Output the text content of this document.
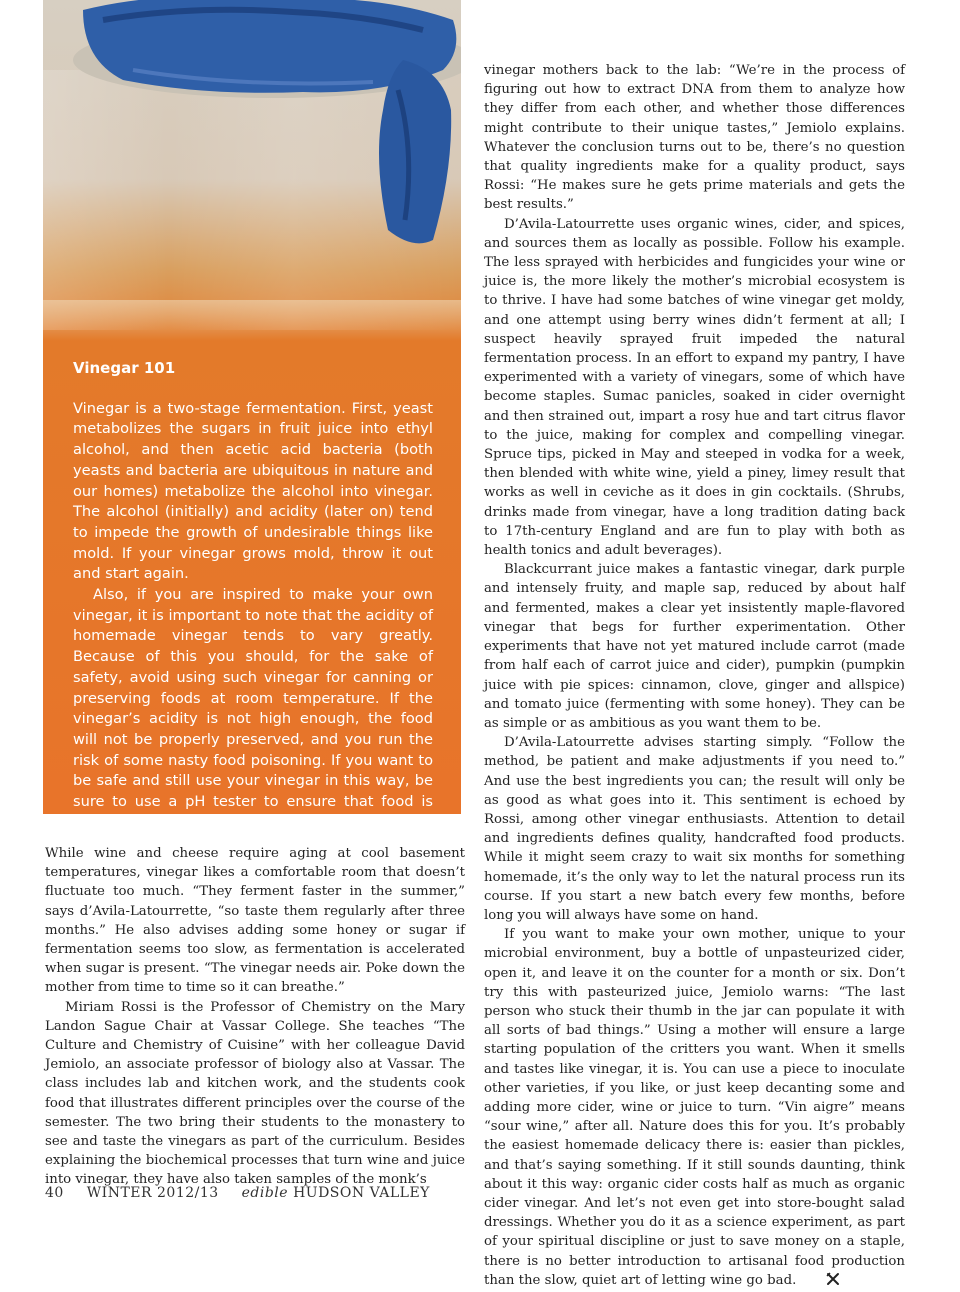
Vinegar 101

Vinegar is a two-stage fermentation. First, yeast metabolizes the sugars in fruit juice into ethyl alcohol, and then acetic acid bacteria (both yeasts and bacteria are ubiquitous in nature and our homes) metabolize the alcohol into vinegar. The alcohol (initially) and acidity (later on) tend to impede the growth of undesirable things like mold. If your vinegar grows mold, throw it out and start again.

Also, if you are inspired to make your own vinegar, it is important to note that the acidity of homemade vinegar tends to vary greatly. Because of this you should, for the sake of safety, avoid using such vinegar for canning or preserving foods at room temperature. If the vinegar’s acidity is not high enough, the food will not be properly preserved, and you run the risk of some nasty food poisoning. If you want to be safe and still use your vinegar in this way, be sure to use a pH tester to ensure that food is sufficiently acidic before canning it.

While wine and cheese require aging at cool basement temperatures, vinegar likes a comfortable room that doesn’t fluctuate too much. “They ferment faster in the summer,” says d’Avila-Latourrette, “so taste them regularly after three months.” He also advises adding some honey or sugar if fermentation seems too slow, as fermentation is accelerated when sugar is present. “The vinegar needs air. Poke down the mother from time to time so it can breathe.”

Miriam Rossi is the Professor of Chemistry on the Mary Landon Sague Chair at Vassar College. She teaches “The Culture and Chemistry of Cuisine” with her colleague David Jemiolo, an associate professor of biology also at Vassar. The class includes lab and kitchen work, and the students cook food that illustrates different principles over the course of the semester. The two bring their students to the monastery to see and taste the vinegars as part of the curriculum. Besides explaining the biochemical processes that turn wine and juice into vinegar, they have also taken samples of the monk’s

vinegar mothers back to the lab: “We’re in the process of figuring out how to extract DNA from them to analyze how they differ from each other, and whether those differences might contribute to their unique tastes,” Jemiolo explains. Whatever the conclusion turns out to be, there’s no question that quality ingredients make for a quality product, says Rossi: “He makes sure he gets prime materials and gets the best results.”

D’Avila-Latourrette uses organic wines, cider, and spices, and sources them as locally as possible. Follow his example. The less sprayed with herbicides and fungicides your wine or juice is, the more likely the mother’s microbial ecosystem is to thrive. I have had some batches of wine vinegar get moldy, and one attempt using berry wines didn’t ferment at all; I suspect heavily sprayed fruit impeded the natural fermentation process. In an effort to expand my pantry, I have experimented with a variety of vinegars, some of which have become staples. Sumac panicles, soaked in cider overnight and then strained out, impart a rosy hue and tart citrus flavor to the juice, making for complex and compelling vinegar. Spruce tips, picked in May and steeped in vodka for a week, then blended with white wine, yield a piney, limey result that works as well in ceviche as it does in gin cocktails. (Shrubs, drinks made from vinegar, have a long tradition dating back to 17th-century England and are fun to play with both as health tonics and adult beverages).

Blackcurrant juice makes a fantastic vinegar, dark purple and intensely fruity, and maple sap, reduced by about half and fermented, makes a clear yet insistently maple-flavored vinegar that begs for further experimentation. Other experiments that have not yet matured include carrot (made from half each of carrot juice and cider), pumpkin (pumpkin juice with pie spices: cinnamon, clove, ginger and allspice) and tomato juice (fermenting with some honey). They can be as simple or as ambitious as you want them to be.

D’Avila-Latourrette advises starting simply. “Follow the method, be patient and make adjustments if you need to.” And use the best ingredients you can; the result will only be as good as what goes into it. This sentiment is echoed by Rossi, among other vinegar enthusiasts. Attention to detail and ingredients defines quality, handcrafted food products. While it might seem crazy to wait six months for something homemade, it’s the only way to let the natural process run its course. If you start a new batch every few months, before long you will always have some on hand.

If you want to make your own mother, unique to your microbial environment, buy a bottle of unpasteurized cider, open it, and leave it on the counter for a month or six. Don’t try this with pasteurized juice, Jemiolo warns: “The last person who stuck their thumb in the jar can populate it with all sorts of bad things.” Using a mother will ensure a large starting population of the critters you want. When it smells and tastes like vinegar, it is. You can use a piece to inoculate other varieties, if you like, or just keep decanting some and adding more cider, wine or juice to turn. “Vin aigre” means “sour wine,” after all. Nature does this for you. It’s probably the easiest homemade delicacy there is: easier than pickles, and that’s saying something. If it still sounds daunting, think about it this way: organic cider costs half as much as organic cider vinegar. And let’s not even get into store-bought salad dressings. Whether you do it as a science experiment, as part of your spiritual discipline or just to save money on a staple, there is no better introduction to artisanal food production than the slow, quiet art of letting wine go bad.

40 WINTER 2012/13 edible HUDSON VALLEY
